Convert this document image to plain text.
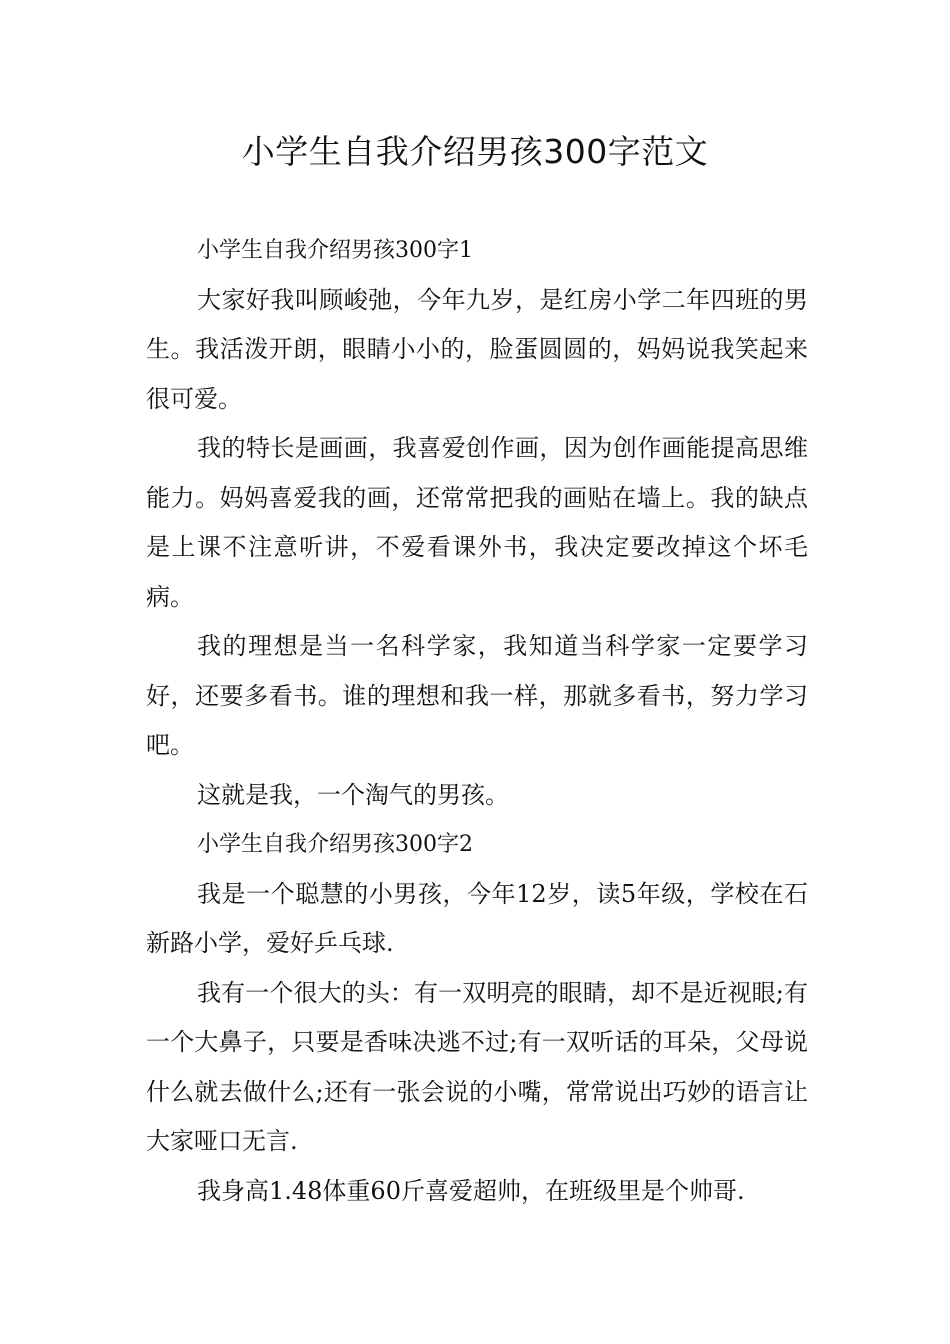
小学生自我介绍男孩300字范文

小学生自我介绍男孩300字1

大家好我叫顾峻弛，今年九岁，是红房小学二年四班的男生。我活泼开朗，眼睛小小的，脸蛋圆圆的，妈妈说我笑起来很可爱。

我的特长是画画，我喜爱创作画，因为创作画能提高思维能力。妈妈喜爱我的画，还常常把我的画贴在墙上。我的缺点是上课不注意听讲，不爱看课外书，我决定要改掉这个坏毛病。

我的理想是当一名科学家，我知道当科学家一定要学习好，还要多看书。谁的理想和我一样，那就多看书，努力学习吧。

这就是我，一个淘气的男孩。

小学生自我介绍男孩300字2

我是一个聪慧的小男孩，今年12岁，读5年级，学校在石新路小学，爱好乒乓球.

我有一个很大的头：有一双明亮的眼睛，却不是近视眼;有一个大鼻子，只要是香味决逃不过;有一双听话的耳朵，父母说什么就去做什么;还有一张会说的小嘴，常常说出巧妙的语言让大家哑口无言.

我身高1.48体重60斤喜爱超帅，在班级里是个帅哥.
